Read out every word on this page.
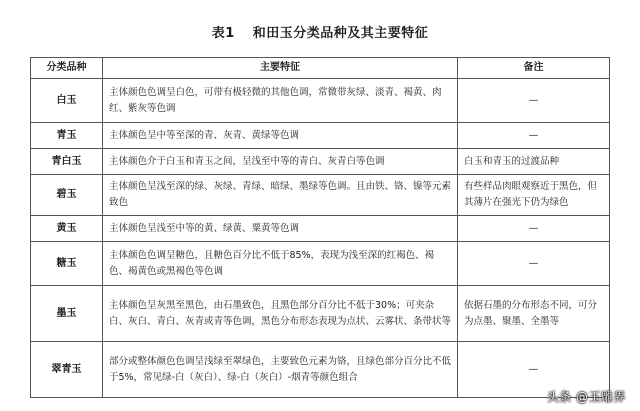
表1 和田玉分类品种及其主要特征
分类品种	主要特征	备注
白玉	主体颜色色调呈白色，可带有极轻微的其他色调，常微带灰绿、淡青、褐黄、肉红、紫灰等色调	—
青玉	主体颜色呈中等至深的青、灰青、黄绿等色调	—
青白玉	主体颜色介于白玉和青玉之间，呈浅至中等的青白、灰青白等色调	白玉和青玉的过渡品种
碧玉	主体颜色呈浅至深的绿、灰绿、青绿、暗绿、墨绿等色调。且由铁、铬、镍等元素致色	有些样品肉眼观察近于黑色，但其薄片在强光下仍为绿色
黄玉	主体颜色呈浅至中等的黄、绿黄、粟黄等色调	—
糖玉	主体颜色色调呈糖色，且糖色百分比不低于85%，表现为浅至深的红褐色、褐色、褐黄色或黑褐色等色调	—
墨玉	主体颜色呈灰黑至黑色，由石墨致色，且黑色部分百分比不低于30%；可夹杂白、灰白、青白、灰青或青等色调，黑色分布形态表现为点状、云雾状、条带状等	依据石墨的分布形态不同，可分为点墨、聚墨、全墨等
翠青玉	部分或整体颜色色调呈浅绿至翠绿色，主要致色元素为铬，且绿色部分百分比不低于5%，常见绿-白（灰白）、绿-白（灰白）-烟青等颜色组合	—
头条 @玉雕界
